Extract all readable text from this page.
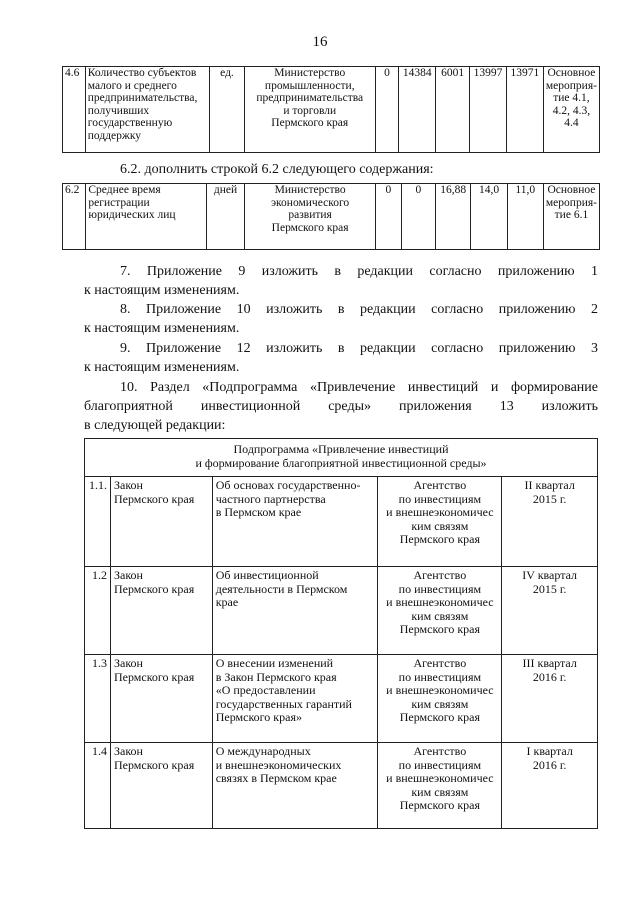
16
4.6	Количество субъектов
малого и среднего
предпринимательства,
получивших
государственную
поддержку	ед.	Министерство
промышленности,
предпринимательства
и торговли
Пермского края	0	14384	6001	13997	13971	Основное
мероприя-
тие 4.1,
4.2, 4.3,
4.4
6.2. дополнить строкой 6.2 следующего содержания:
6.2	Среднее время
регистрации
юридических лиц	дней	Министерство
экономического
развития
Пермского края	0	0	16,88	14,0	11,0	Основное
мероприя-
тие 6.1
7. Приложение 9 изложить в редакции согласно приложению 1
к настоящим изменениям.
8. Приложение 10 изложить в редакции согласно приложению 2
к настоящим изменениям.
9. Приложение 12 изложить в редакции согласно приложению 3
к настоящим изменениям.
10. Раздел «Подпрограмма «Привлечение инвестиций и формирование
благоприятной инвестиционной среды» приложения 13 изложить
в следующей редакции:
Подпрограмма «Привлечение инвестиций
и формирование благоприятной инвестиционной среды»				
1.1.	Закон
Пермского края	Об основах государственно-
частного партнерства
в Пермском крае	Агентство
по инвестициям
и внешнеэкономичес
ким связям
Пермского края	II квартал
2015 г.
1.2	Закон
Пермского края	Об инвестиционной
деятельности в Пермском
крае	Агентство
по инвестициям
и внешнеэкономичес
ким связям
Пермского края	IV квартал
2015 г.
1.3	Закон
Пермского края	О внесении изменений
в Закон Пермского края
«О предоставлении
государственных гарантий
Пермского края»	Агентство
по инвестициям
и внешнеэкономичес
ким связям
Пермского края	III квартал
2016 г.
1.4	Закон
Пермского края	О международных
и внешнеэкономических
связях в Пермском крае	Агентство
по инвестициям
и внешнеэкономичес
ким связям
Пермского края	I квартал
2016 г.
